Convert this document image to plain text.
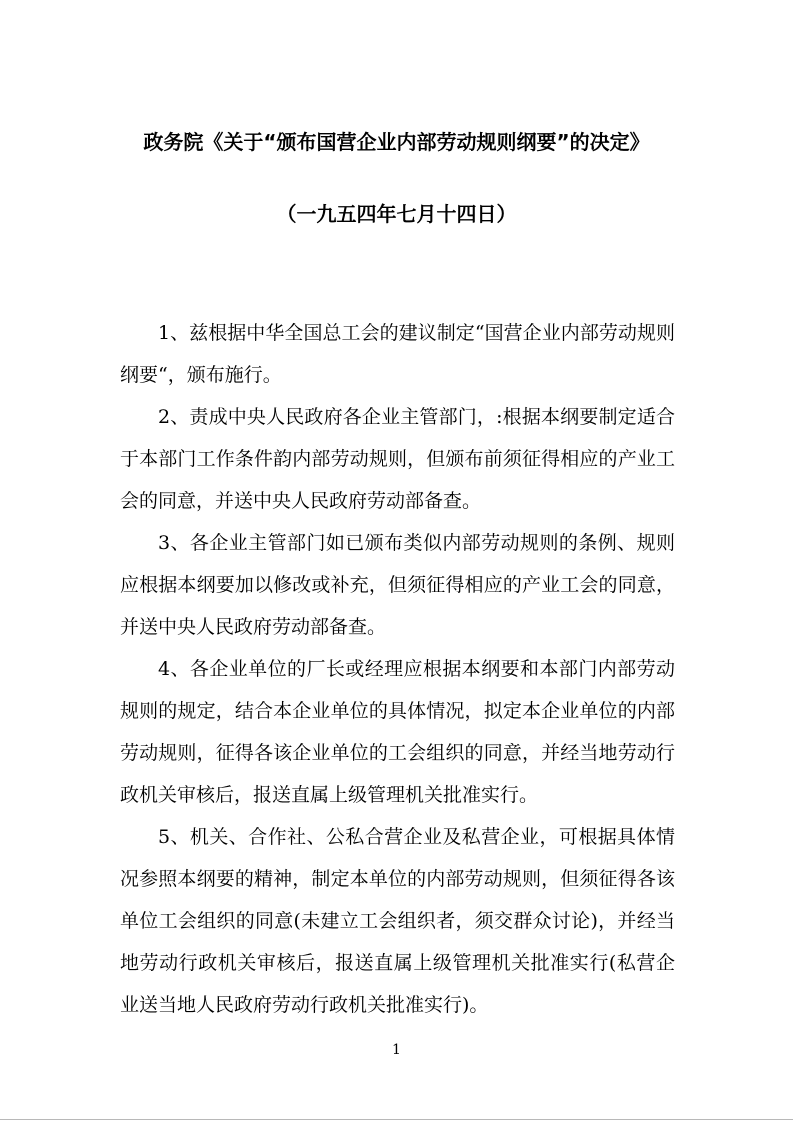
政务院《关于“颁布国营企业内部劳动规则纲要”的决定》
（一九五四年七月十四日）

1、兹根据中华全国总工会的建议制定“国营企业内部劳动规则纲要“，颁布施行。

2、责成中央人民政府各企业主管部门，:根据本纲要制定适合于本部门工作条件韵内部劳动规则，但颁布前须征得相应的产业工会的同意，并送中央人民政府劳动部备查。

3、各企业主管部门如已颁布类似内部劳动规则的条例、规则应根据本纲要加以修改或补充，但须征得相应的产业工会的同意，并送中央人民政府劳动部备查。

4、各企业单位的厂长或经理应根据本纲要和本部门内部劳动规则的规定，结合本企业单位的具体情况，拟定本企业单位的内部劳动规则，征得各该企业单位的工会组织的同意，并经当地劳动行政机关审核后，报送直属上级管理机关批准实行。

5、机关、合作社、公私合营企业及私营企业，可根据具体情况参照本纲要的精神，制定本单位的内部劳动规则，但须征得各该单位工会组织的同意(未建立工会组织者，须交群众讨论)，并经当地劳动行政机关审核后，报送直属上级管理机关批准实行(私营企业送当地人民政府劳动行政机关批准实行)。

1
